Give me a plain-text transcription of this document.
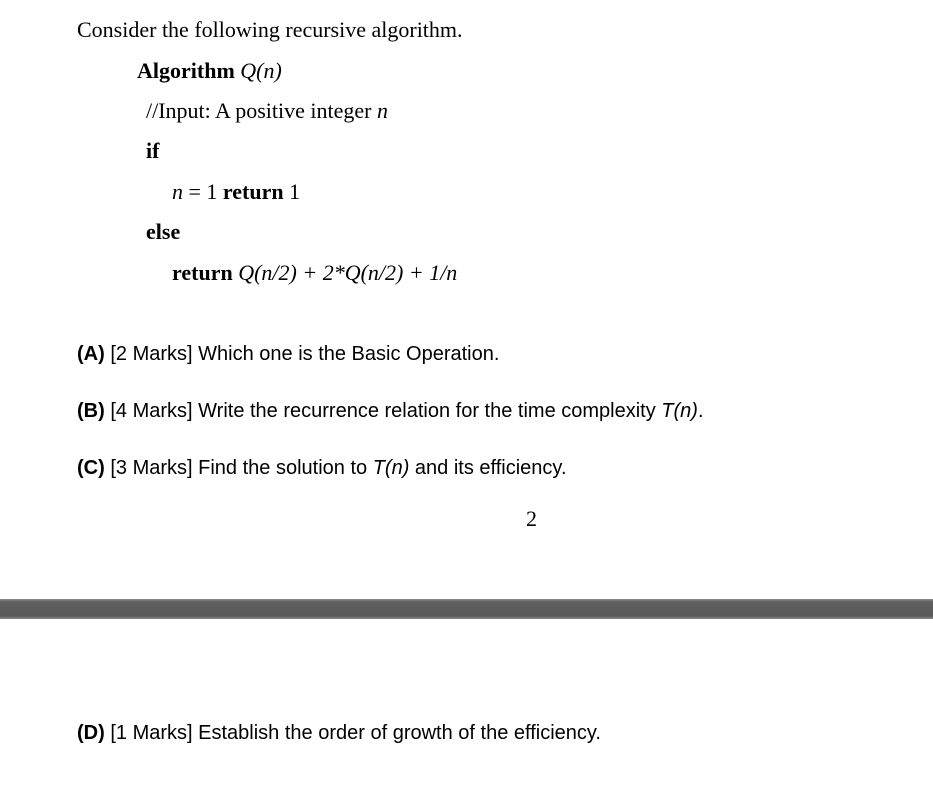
Consider the following recursive algorithm.
Algorithm Q(n)
//Input: A positive integer n
if
n = 1 return 1
else
return Q(n/2) + 2*Q(n/2) + 1/n
(A) [2 Marks] Which one is the Basic Operation.
(B) [4 Marks] Write the recurrence relation for the time complexity T(n).
(C) [3 Marks] Find the solution to T(n) and its efficiency.
2
(D) [1 Marks] Establish the order of growth of the efficiency.
